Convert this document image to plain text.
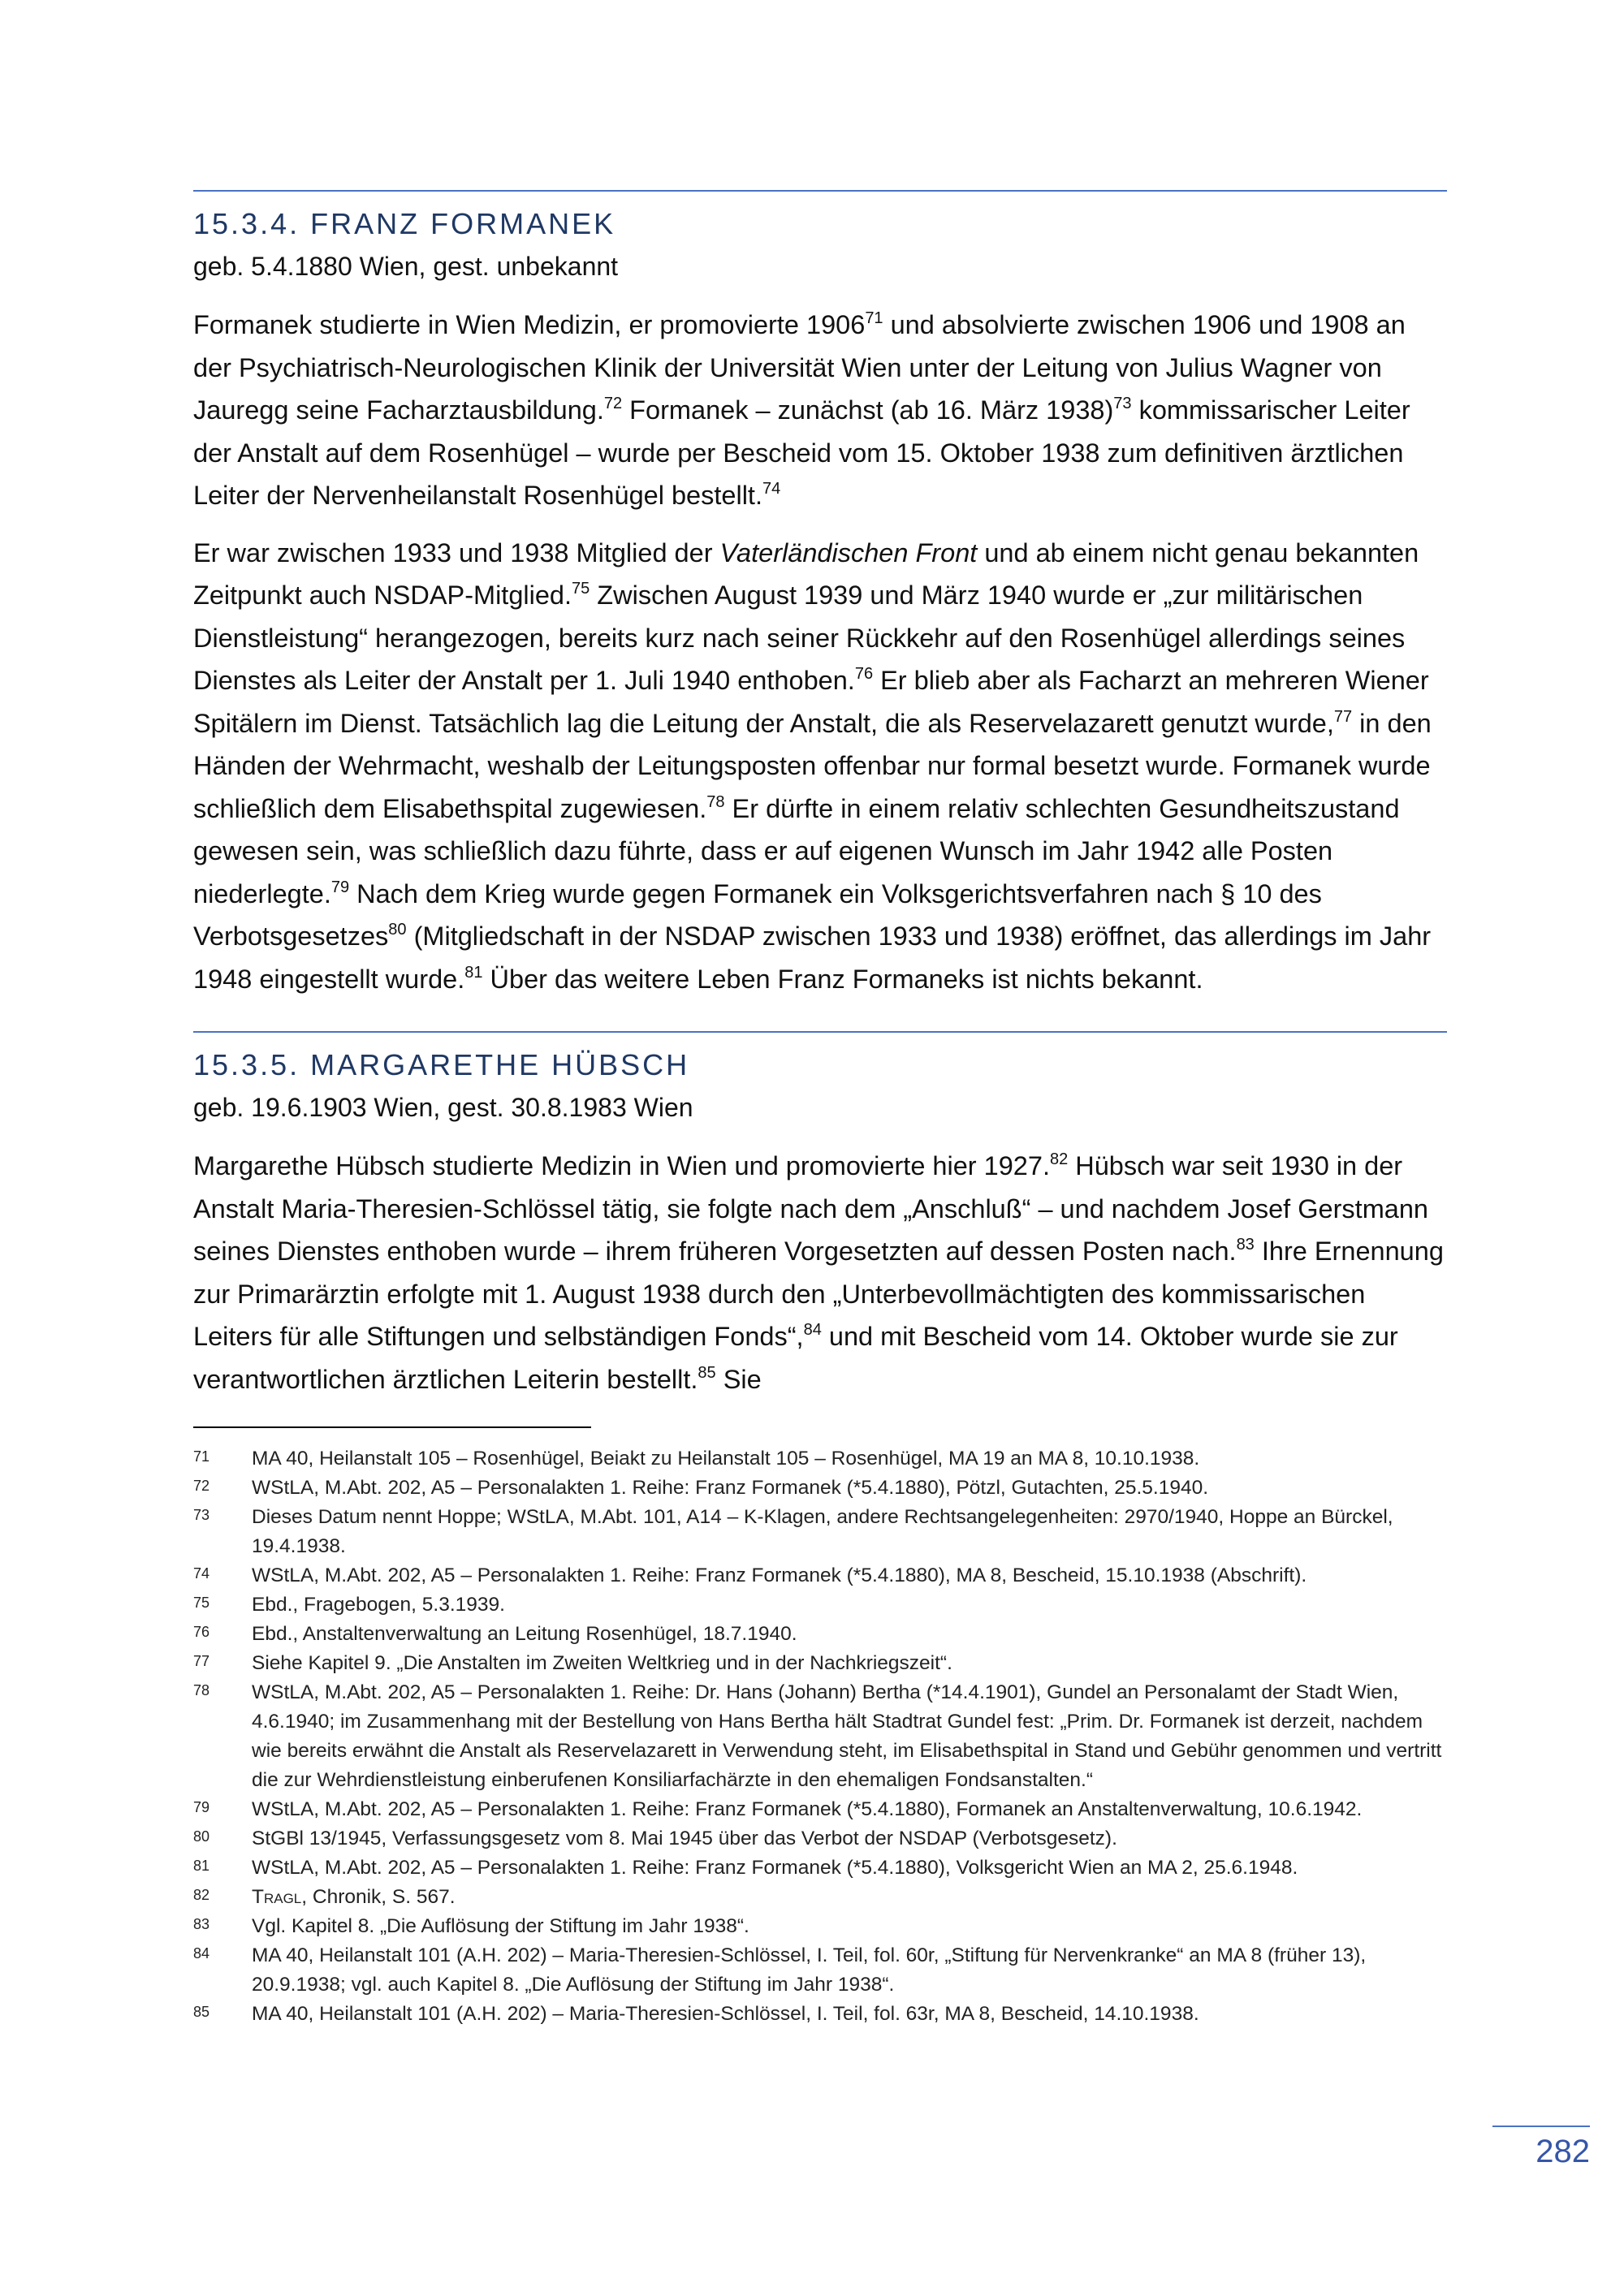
15.3.4. FRANZ FORMANEK
geb. 5.4.1880 Wien, gest. unbekannt

Formanek studierte in Wien Medizin, er promovierte 1906$^{71}$ und absolvierte zwischen 1906 und 1908 an der Psychiatrisch-Neurologischen Klinik der Universität Wien unter der Leitung von Julius Wagner von Jauregg seine Facharztausbildung.$^{72}$ Formanek – zunächst (ab 16. März 1938)$^{73}$ kommissarischer Leiter der Anstalt auf dem Rosenhügel – wurde per Bescheid vom 15. Oktober 1938 zum definitiven ärztlichen Leiter der Nervenheilanstalt Rosenhügel bestellt.$^{74}$

Er war zwischen 1933 und 1938 Mitglied der Vaterländischen Front und ab einem nicht genau bekannten Zeitpunkt auch NSDAP-Mitglied.$^{75}$ Zwischen August 1939 und März 1940 wurde er „zur militärischen Dienstleistung“ herangezogen, bereits kurz nach seiner Rückkehr auf den Rosenhügel allerdings seines Dienstes als Leiter der Anstalt per 1. Juli 1940 enthoben.$^{76}$ Er blieb aber als Facharzt an mehreren Wiener Spitälern im Dienst. Tatsächlich lag die Leitung der Anstalt, die als Reservelazarett genutzt wurde,$^{77}$ in den Händen der Wehrmacht, weshalb der Leitungsposten offenbar nur formal besetzt wurde. Formanek wurde schließlich dem Elisabethspital zugewiesen.$^{78}$ Er dürfte in einem relativ schlechten Gesundheitszustand gewesen sein, was schließlich dazu führte, dass er auf eigenen Wunsch im Jahr 1942 alle Posten niederlegte.$^{79}$ Nach dem Krieg wurde gegen Formanek ein Volksgerichtsverfahren nach § 10 des Verbotsgesetzes$^{80}$ (Mitgliedschaft in der NSDAP zwischen 1933 und 1938) eröffnet, das allerdings im Jahr 1948 eingestellt wurde.$^{81}$ Über das weitere Leben Franz Formaneks ist nichts bekannt.

15.3.5. MARGARETHE HÜBSCH
geb. 19.6.1903 Wien, gest. 30.8.1983 Wien

Margarethe Hübsch studierte Medizin in Wien und promovierte hier 1927.82 Hübsch war seit 1930 in der Anstalt Maria-Theresien-Schlössel tätig, sie folgte nach dem „Anschluß“ – und nachdem Josef Gerstmann seines Dienstes enthoben wurde – ihrem früheren Vorgesetzten auf dessen Posten nach.$^{83}$ Ihre Ernennung zur Primarärztin erfolgte mit 1. August 1938 durch den „Unterbevollmächtigten des kommissarischen Leiters für alle Stiftungen und selbständigen Fonds“,$^{84}$ und mit Bescheid vom 14. Oktober wurde sie zur verantwortlichen ärztlichen Leiterin bestellt.$^{85}$ Sie

71	MA 40, Heilanstalt 105 – Rosenhügel, Beiakt zu Heilanstalt 105 – Rosenhügel, MA 19 an MA 8, 10.10.1938.
72	WStLA, M.Abt. 202, A5 – Personalakten 1. Reihe: Franz Formanek (*5.4.1880), Pötzl, Gutachten, 25.5.1940.
73	Dieses Datum nennt Hoppe; WStLA, M.Abt. 101, A14 – K-Klagen, andere Rechtsangelegenheiten: 2970/1940, Hoppe an Bürckel, 19.4.1938.
74	WStLA, M.Abt. 202, A5 – Personalakten 1. Reihe: Franz Formanek (*5.4.1880), MA 8, Bescheid, 15.10.1938 (Abschrift).
75	Ebd., Fragebogen, 5.3.1939.
76	Ebd., Anstaltenverwaltung an Leitung Rosenhügel, 18.7.1940.
77	Siehe Kapitel 9. „Die Anstalten im Zweiten Weltkrieg und in der Nachkriegszeit“.
78	WStLA, M.Abt. 202, A5 – Personalakten 1. Reihe: Dr. Hans (Johann) Bertha (*14.4.1901), Gundel an Personalamt der Stadt Wien, 4.6.1940; im Zusammenhang mit der Bestellung von Hans Bertha hält Stadtrat Gundel fest: „Prim. Dr. Formanek ist derzeit, nachdem wie bereits erwähnt die Anstalt als Reservelazarett in Verwendung steht, im Elisabethspital in Stand und Gebühr genommen und vertritt die zur Wehrdienstleistung einberufenen Konsiliarfachärzte in den ehemaligen Fondsanstalten.“
79	WStLA, M.Abt. 202, A5 – Personalakten 1. Reihe: Franz Formanek (*5.4.1880), Formanek an Anstaltenverwaltung, 10.6.1942.
80	StGBl 13/1945, Verfassungsgesetz vom 8. Mai 1945 über das Verbot der NSDAP (Verbotsgesetz).
81	WStLA, M.Abt. 202, A5 – Personalakten 1. Reihe: Franz Formanek (*5.4.1880), Volksgericht Wien an MA 2, 25.6.1948.
82	Tragl, Chronik, S. 567.
83	Vgl. Kapitel 8. „Die Auflösung der Stiftung im Jahr 1938“.
84	MA 40, Heilanstalt 101 (A.H. 202) – Maria-Theresien-Schlössel, I. Teil, fol. 60r, „Stiftung für Nervenkranke“ an MA 8 (früher 13), 20.9.1938; vgl. auch Kapitel 8. „Die Auflösung der Stiftung im Jahr 1938“.
85	MA 40, Heilanstalt 101 (A.H. 202) – Maria-Theresien-Schlössel, I. Teil, fol. 63r, MA 8, Bescheid, 14.10.1938.
282
